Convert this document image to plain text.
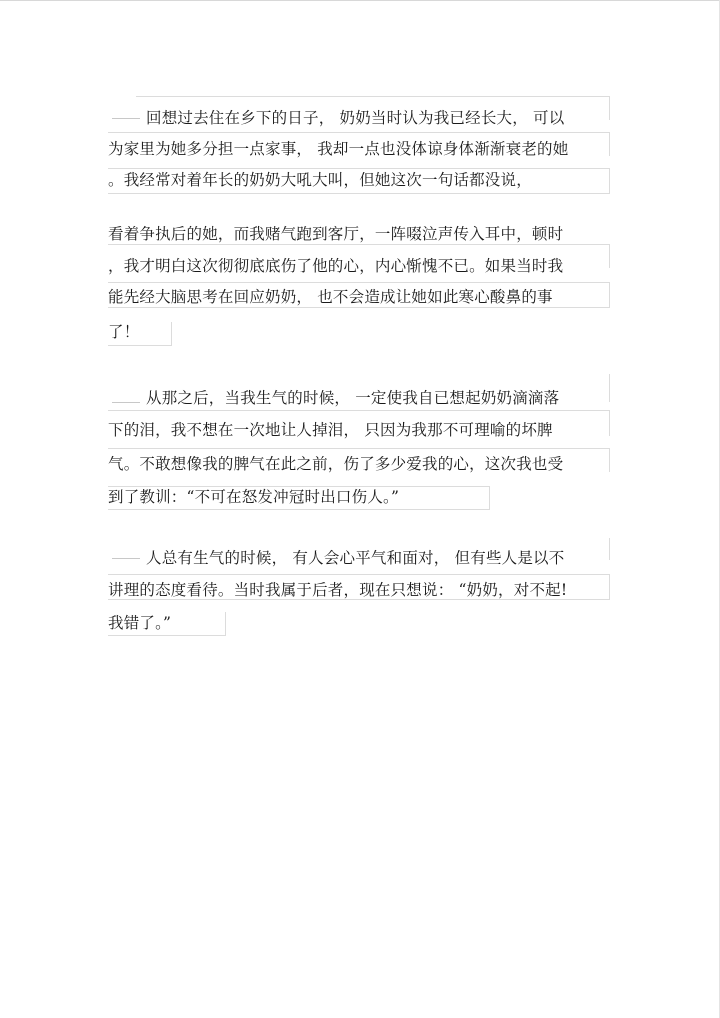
回想过去住在乡下的日子， 奶奶当时认为我已经长大， 可以
为家里为她多分担一点家事， 我却一点也没体谅身体渐渐衰老的她
。我经常对着年长的奶奶大吼大叫，但她这次一句话都没说，
看着争执后的她，而我赌气跑到客厅，一阵啜泣声传入耳中，顿时
，我才明白这次彻彻底底伤了他的心，内心惭愧不已。如果当时我
能先经大脑思考在回应奶奶， 也不会造成让她如此寒心酸鼻的事
了！
从那之后，当我生气的时候， 一定使我自已想起奶奶滴滴落
下的泪，我不想在一次地让人掉泪， 只因为我那不可理喻的坏脾
气。不敢想像我的脾气在此之前，伤了多少爱我的心，这次我也受
到了教训：“不可在怒发冲冠时出口伤人。”
人总有生气的时候， 有人会心平气和面对， 但有些人是以不
讲理的态度看待。当时我属于后者，现在只想说： “奶奶，对不起!
我错了。”
